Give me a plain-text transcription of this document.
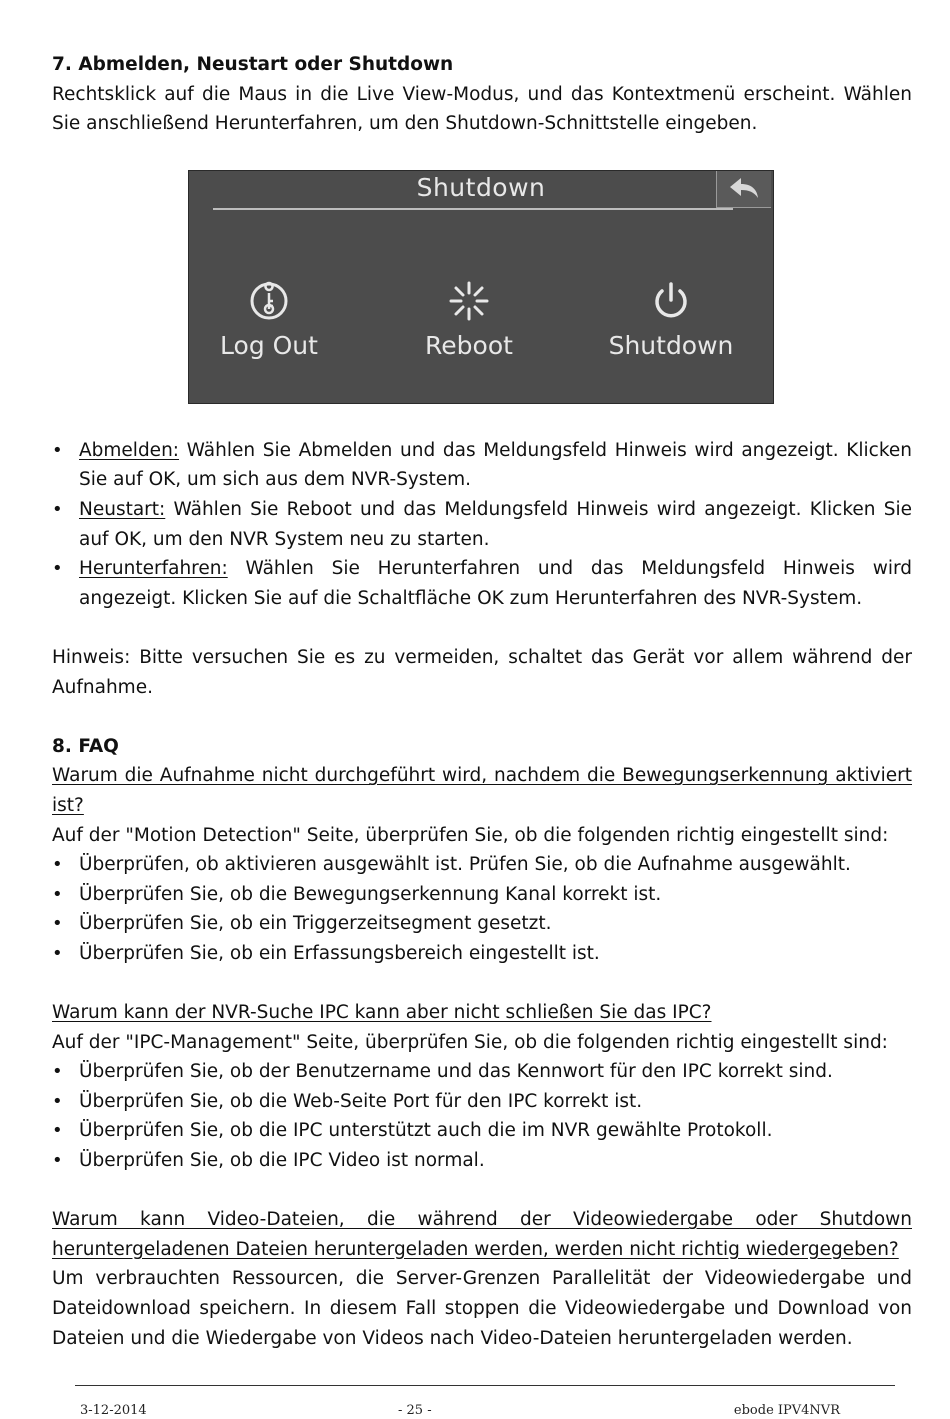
7. Abmelden, Neustart oder Shutdown

Rechtsklick auf die Maus in die Live View-Modus, und das Kontextmenü erscheint. Wählen Sie anschließend Herunterfahren, um den Shutdown-Schnittstelle eingeben.

Shutdown
Log Out	Reboot	Shutdown
• Abmelden: Wählen Sie Abmelden und das Meldungsfeld Hinweis wird angezeigt. Klicken Sie auf OK, um sich aus dem NVR-System.
• Neustart: Wählen Sie Reboot und das Meldungsfeld Hinweis wird angezeigt. Klicken Sie auf OK, um den NVR System neu zu starten.
• Herunterfahren: Wählen Sie Herunterfahren und das Meldungsfeld Hinweis wird angezeigt. Klicken Sie auf die Schaltfläche OK zum Herunterfahren des NVR-System.

Hinweis: Bitte versuchen Sie es zu vermeiden, schaltet das Gerät vor allem während der Aufnahme.

8. FAQ

Warum die Aufnahme nicht durchgeführt wird, nachdem die Bewegungserkennung aktiviert ist?

Auf der "Motion Detection" Seite, überprüfen Sie, ob die folgenden richtig eingestellt sind:

• Überprüfen, ob aktivieren ausgewählt ist. Prüfen Sie, ob die Aufnahme ausgewählt.
• Überprüfen Sie, ob die Bewegungserkennung Kanal korrekt ist.
• Überprüfen Sie, ob ein Triggerzeitsegment gesetzt.
• Überprüfen Sie, ob ein Erfassungsbereich eingestellt ist.

Warum kann der NVR-Suche IPC kann aber nicht schließen Sie das IPC?

Auf der "IPC-Management" Seite, überprüfen Sie, ob die folgenden richtig eingestellt sind:

• Überprüfen Sie, ob der Benutzername und das Kennwort für den IPC korrekt sind.
• Überprüfen Sie, ob die Web-Seite Port für den IPC korrekt ist.
• Überprüfen Sie, ob die IPC unterstützt auch die im NVR gewählte Protokoll.
• Überprüfen Sie, ob die IPC Video ist normal.

Warum kann Video-Dateien, die während der Videowiedergabe oder Shutdown heruntergeladenen Dateien heruntergeladen werden, werden nicht richtig wiedergegeben?

Um verbrauchten Ressourcen, die Server-Grenzen Parallelität der Videowiedergabe und Dateidownload speichern. In diesem Fall stoppen die Videowiedergabe und Download von Dateien und die Wiedergabe von Videos nach Video-Dateien heruntergeladen werden.

3-12-2014	- 25 -	ebode IPV4NVR
